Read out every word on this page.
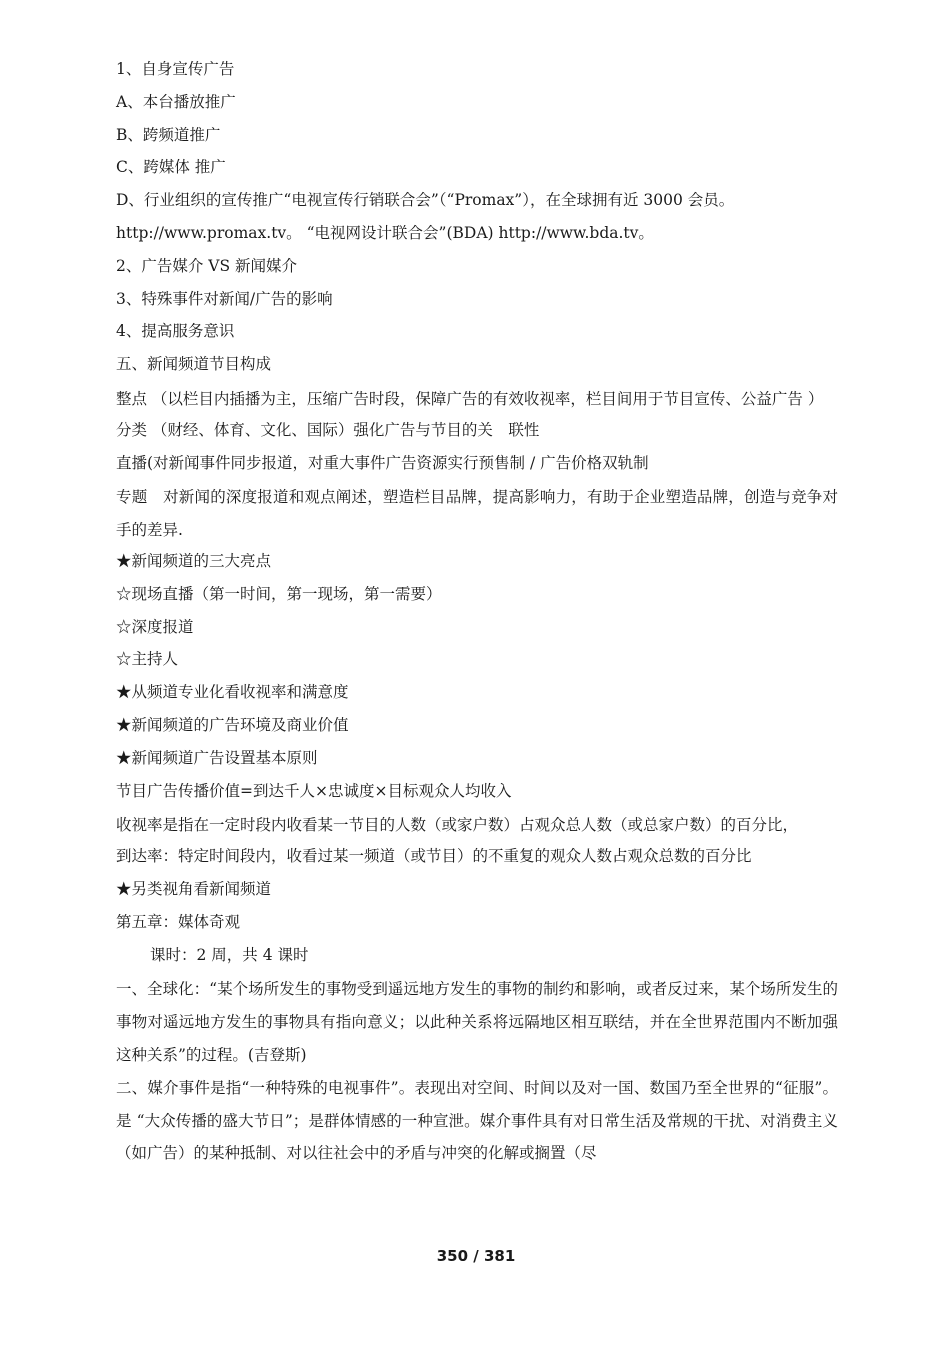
1、自身宣传广告
A、本台播放推广
B、跨频道推广
C、跨媒体 推广
D、行业组织的宣传推广“电视宣传行销联合会”（“Promax”），在全球拥有近 3000 会员。
http://www.promax.tv。 “电视网设计联合会”(BDA) http://www.bda.tv。
2、广告媒介 VS 新闻媒介
3、特殊事件对新闻/广告的影响
4、提高服务意识
五、新闻频道节目构成
整点 （以栏目内插播为主，压缩广告时段，保障广告的有效收视率，栏目间用于节目宣传、公益广告 ）
分类 （财经、体育、文化、国际）强化广告与节目的关　联性
直播(对新闻事件同步报道，对重大事件广告资源实行预售制 / 广告价格双轨制
专题　对新闻的深度报道和观点阐述，塑造栏目品牌，提高影响力，有助于企业塑造品牌，创造与竞争对手的差异.
★新闻频道的三大亮点
☆现场直播（第一时间，第一现场，第一需要）
☆深度报道
☆主持人
★从频道专业化看收视率和满意度
★新闻频道的广告环境及商业价值
★新闻频道广告设置基本原则
节目广告传播价值=到达千人×忠诚度×目标观众人均收入
收视率是指在一定时段内收看某一节目的人数（或家户数）占观众总人数（或总家户数）的百分比，
到达率：特定时间段内，收看过某一频道（或节目）的不重复的观众人数占观众总数的百分比
★另类视角看新闻频道
第五章：媒体奇观
课时：2 周，共 4 课时
一、全球化：“某个场所发生的事物受到遥远地方发生的事物的制约和影响，或者反过来，某个场所发生的事物对遥远地方发生的事物具有指向意义；以此种关系将远隔地区相互联结，并在全世界范围内不断加强这种关系”的过程。(吉登斯)
二、媒介事件是指“一种特殊的电视事件”。表现出对空间、时间以及对一国、数国乃至全世界的“征服”。是 “大众传播的盛大节日”；是群体情感的一种宣泄。媒介事件具有对日常生活及常规的干扰、对消费主义（如广告）的某种抵制、对以往社会中的矛盾与冲突的化解或搁置（尽
350 / 381
